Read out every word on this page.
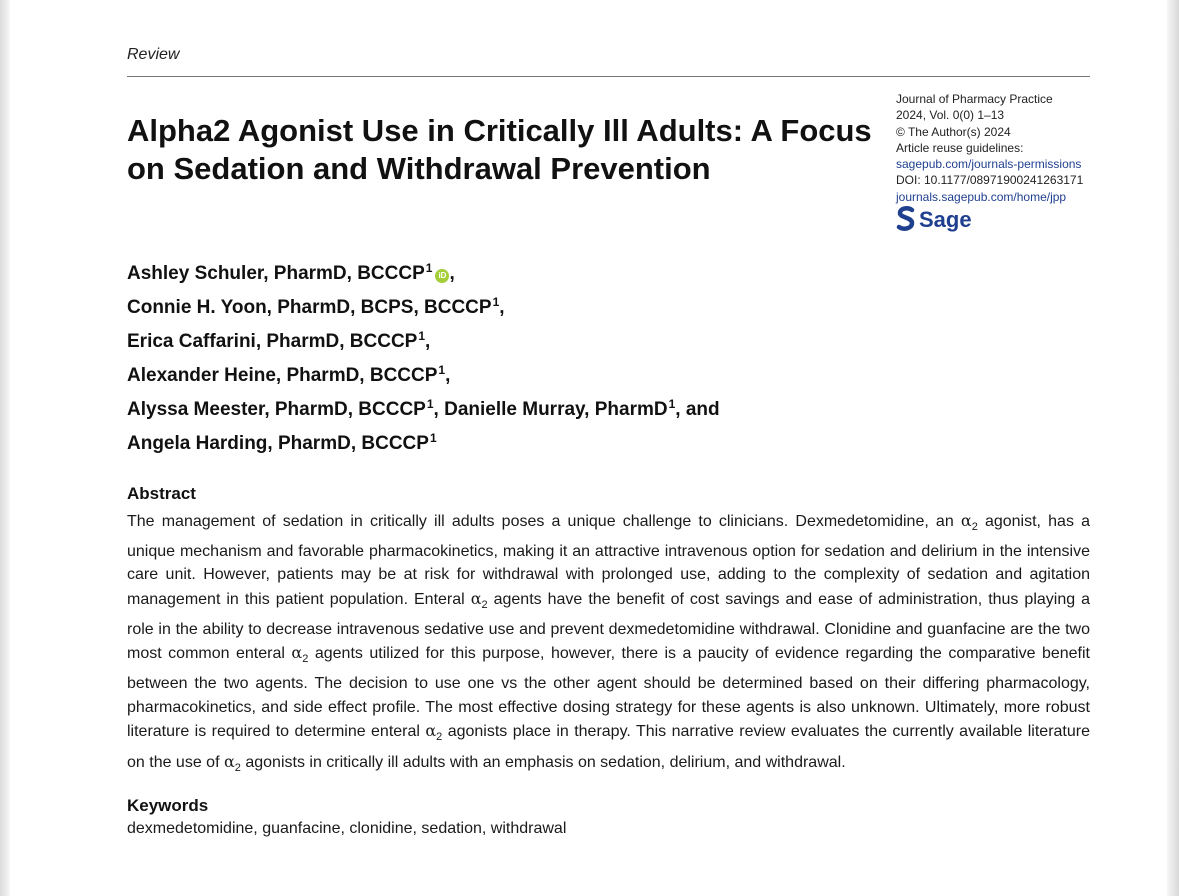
Review
Alpha2 Agonist Use in Critically Ill Adults: A Focus on Sedation and Withdrawal Prevention
Journal of Pharmacy Practice
2024, Vol. 0(0) 1–13
© The Author(s) 2024
Article reuse guidelines:
sagepub.com/journals-permissions
DOI: 10.1177/08971900241263171
journals.sagepub.com/home/jpp
Sage
Ashley Schuler, PharmD, BCCCP$^1$iD ,
Connie H. Yoon, PharmD, BCPS, BCCCP$^1$,
Erica Caffarini, PharmD, BCCCP$^1$,
Alexander Heine, PharmD, BCCCP$^1$,
Alyssa Meester, PharmD, BCCCP$^1$, Danielle Murray, PharmD$^1$, and
Angela Harding, PharmD, BCCCP$^1$
Abstract
The management of sedation in critically ill adults poses a unique challenge to clinicians. Dexmedetomidine, an $\alpha_2$ agonist, has a unique mechanism and favorable pharmacokinetics, making it an attractive intravenous option for sedation and delirium in the intensive care unit. However, patients may be at risk for withdrawal with prolonged use, adding to the complexity of sedation and agitation management in this patient population. Enteral $\alpha_2$ agents have the benefit of cost savings and ease of administration, thus playing a role in the ability to decrease intravenous sedative use and prevent dexmedetomidine withdrawal. Clonidine and guanfacine are the two most common enteral $\alpha_2$ agents utilized for this purpose, however, there is a paucity of evidence regarding the comparative benefit between the two agents. The decision to use one vs the other agent should be determined based on their differing pharmacology, pharmacokinetics, and side effect profile. The most effective dosing strategy for these agents is also unknown. Ultimately, more robust literature is required to determine enteral $\alpha_2$ agonists place in therapy. This narrative review evaluates the currently available literature on the use of $\alpha_2$ agonists in critically ill adults with an emphasis on sedation, delirium, and withdrawal.
Keywords
dexmedetomidine, guanfacine, clonidine, sedation, withdrawal
